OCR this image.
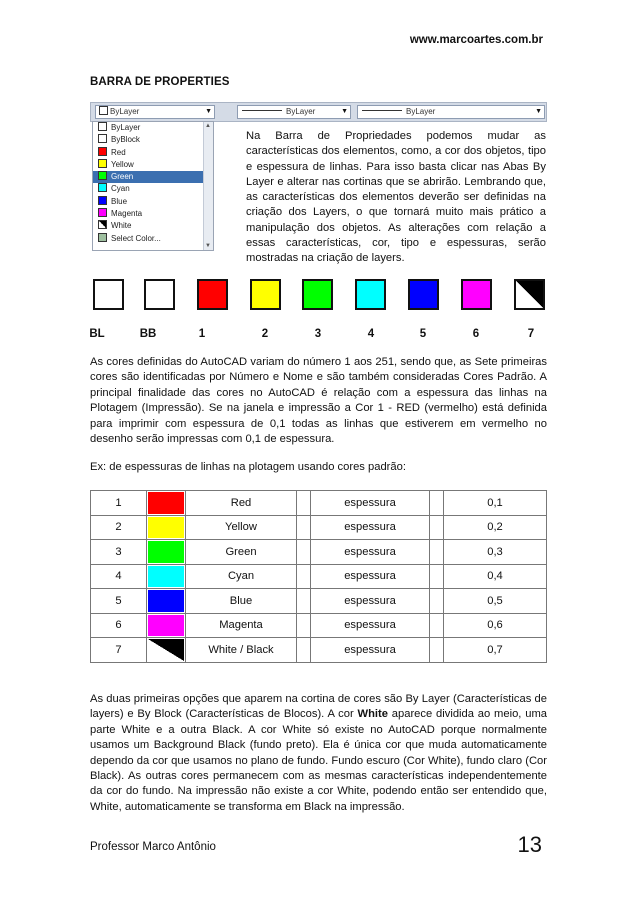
www.marcoartes.com.br
BARRA DE PROPERTIES
ByLayer	▼	ByLayer	▼	ByLayer	▼
ByLayer
ByBlock
Red
Yellow
Green
Cyan
Blue
Magenta
White
Select Color...
▲
▼
Na Barra de Propriedades podemos mudar as características dos elementos, como, a cor dos objetos, tipo e espessura de linhas. Para isso basta clicar nas Abas By Layer e alterar nas cortinas que se abrirão. Lembrando que, as características dos elementos deverão ser definidas na criação dos Layers, o que tornará muito mais prático a manipulação dos objetos. As alterações com relação a essas características, cor, tipo e espessuras, serão mostradas na criação de layers.
BL	BB	1	2	3	4	5	6	7
As cores definidas do AutoCAD variam do número 1 aos 251, sendo que, as Sete primeiras cores são identificadas por Número e Nome e são também consideradas Cores Padrão. A principal finalidade das cores no AutoCAD é relação com a espessura das linhas na Plotagem (Impressão). Se na janela e impressão a Cor 1 - RED (vermelho) está definida para imprimir com espessura de 0,1 todas as linhas que estiverem em vermelho no desenho serão impressas com 0,1 de espessura.
Ex: de espessuras de linhas na plotagem usando cores padrão:
1		Red		espessura		0,1
2		Yellow		espessura		0,2
3		Green		espessura		0,3
4		Cyan		espessura		0,4
5		Blue		espessura		0,5
6		Magenta		espessura		0,6
7		White / Black		espessura		0,7
As duas primeiras opções que aparem na cortina de cores são By Layer (Características de layers) e By Block (Características de Blocos). A cor White aparece dividida ao meio, uma parte White e a outra Black. A cor White só existe no AutoCAD porque normalmente usamos um Background Black (fundo preto). Ela é única cor que muda automaticamente dependo da cor que usamos no plano de fundo. Fundo escuro (Cor White), fundo claro (Cor Black). As outras cores permanecem com as mesmas características independentemente da cor do fundo. Na impressão não existe a cor White, podendo então ser entendido que, White, automaticamente se transforma em Black na impressão.
Professor Marco Antônio	13
